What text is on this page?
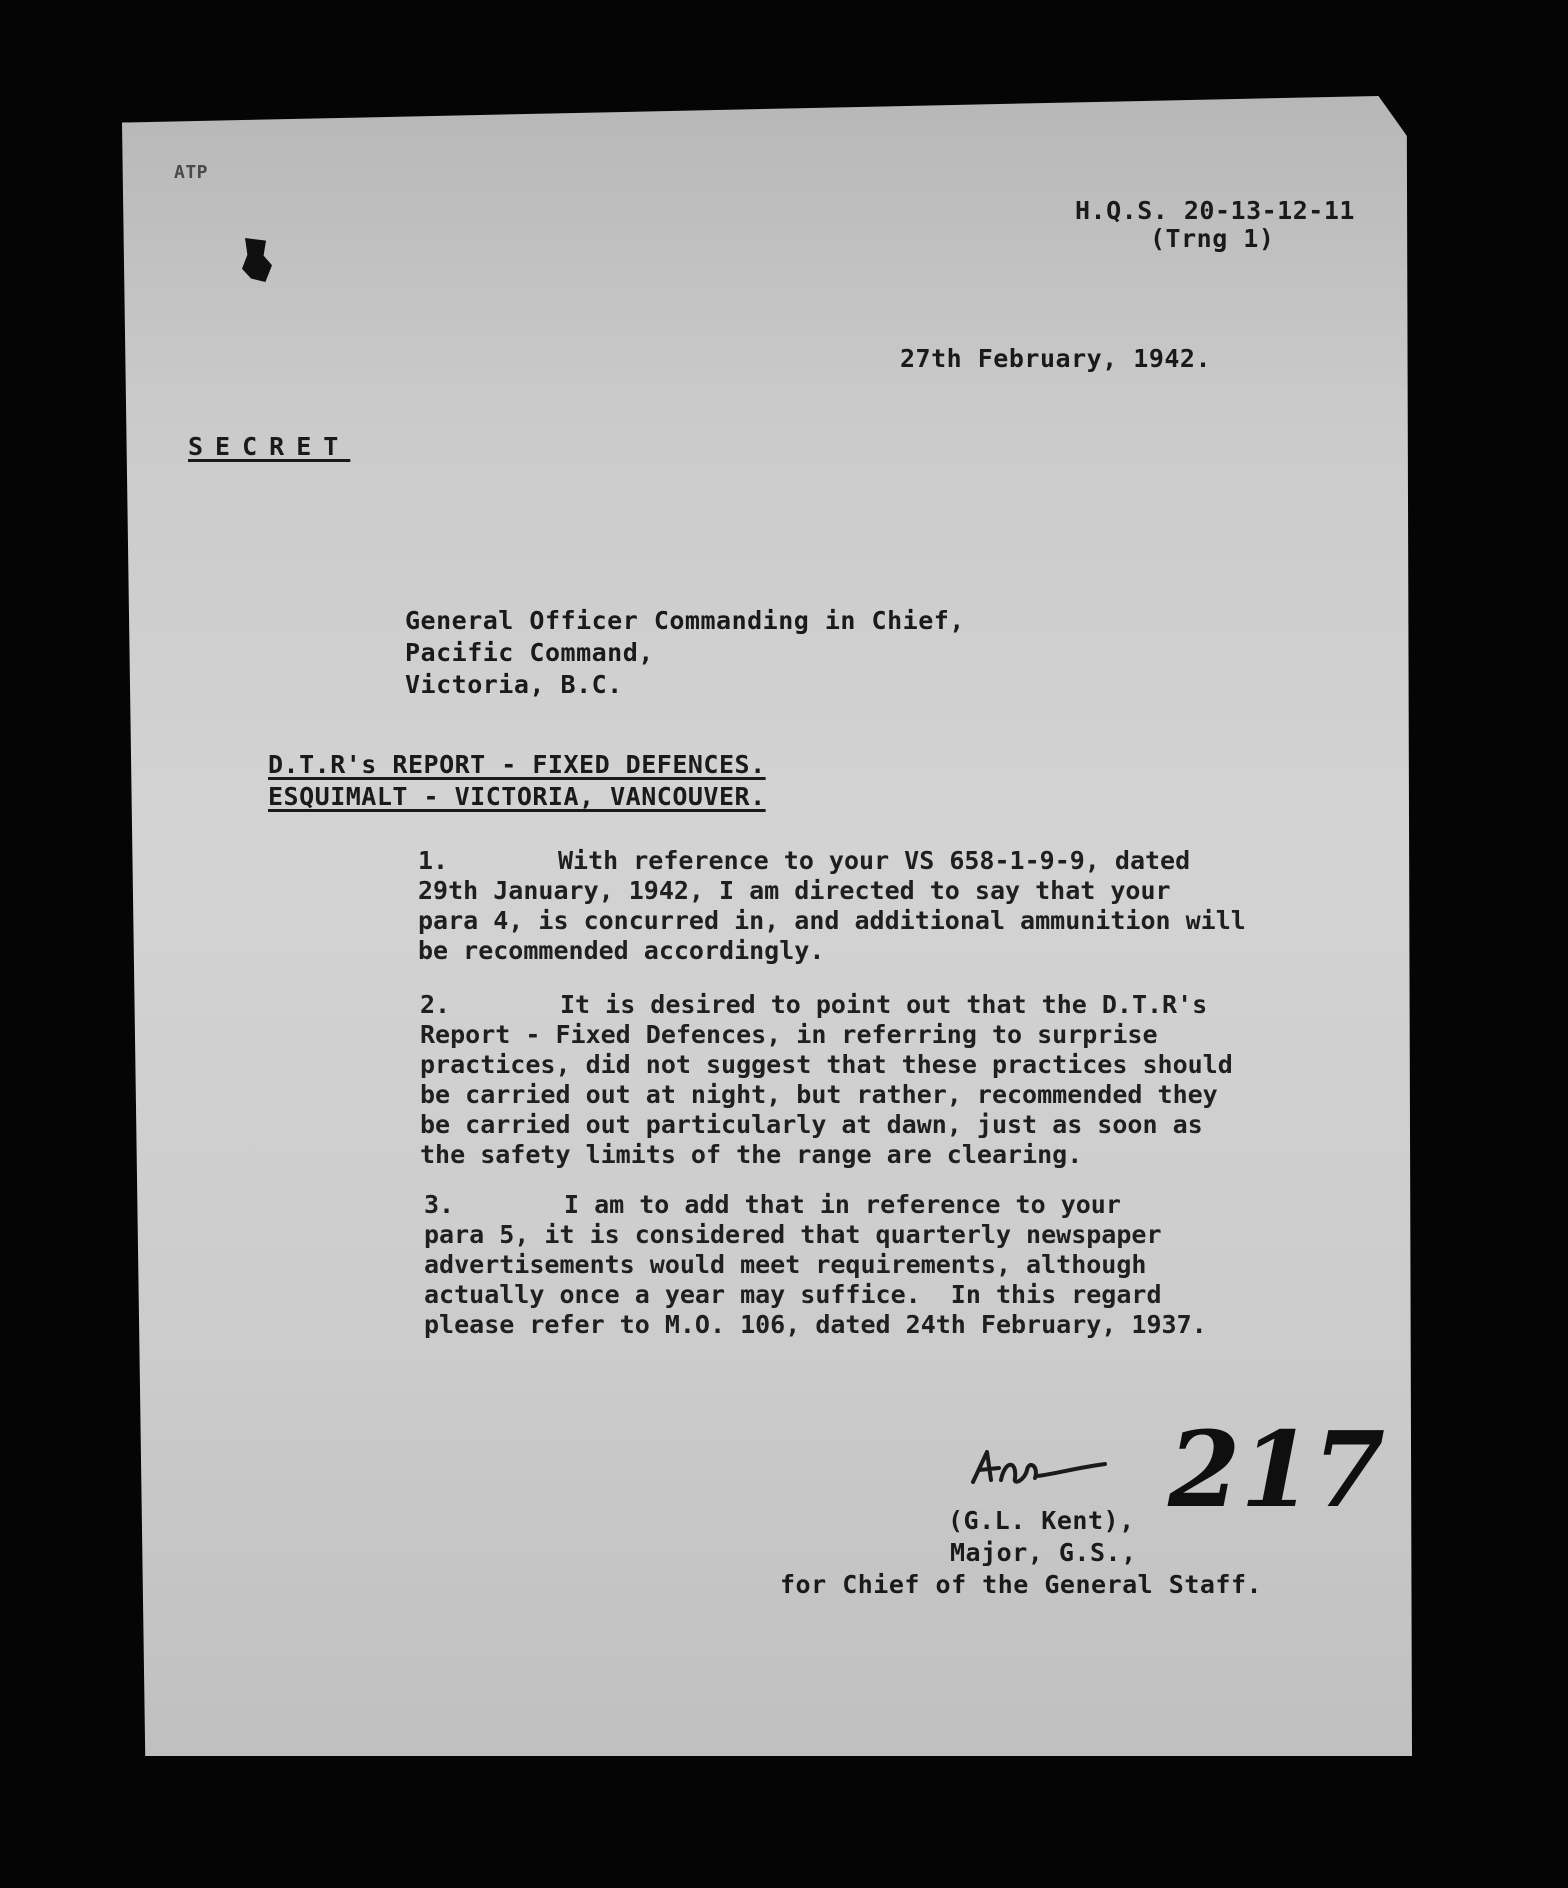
ATP
H.Q.S. 20-13-12-11
(Trng 1)
27th February, 1942.
SECRET
General Officer Commanding in Chief,
Pacific Command,
Victoria, B.C.
D.T.R's REPORT - FIXED DEFENCES.
ESQUIMALT - VICTORIA, VANCOUVER.
1.	With reference to your VS 658-1-9-9, dated
29th January, 1942, I am directed to say that your
para 4, is concurred in, and additional ammunition will
be recommended accordingly.
2.	It is desired to point out that the D.T.R's
Report - Fixed Defences, in referring to surprise
practices, did not suggest that these practices should
be carried out at night, but rather, recommended they
be carried out particularly at dawn, just as soon as
the safety limits of the range are clearing.
3.	I am to add that in reference to your
para 5, it is considered that quarterly newspaper
advertisements would meet requirements, although
actually once a year may suffice.  In this regard
please refer to M.O. 106, dated 24th February, 1937.
217
(G.L. Kent),
Major, G.S.,
for Chief of the General Staff.
